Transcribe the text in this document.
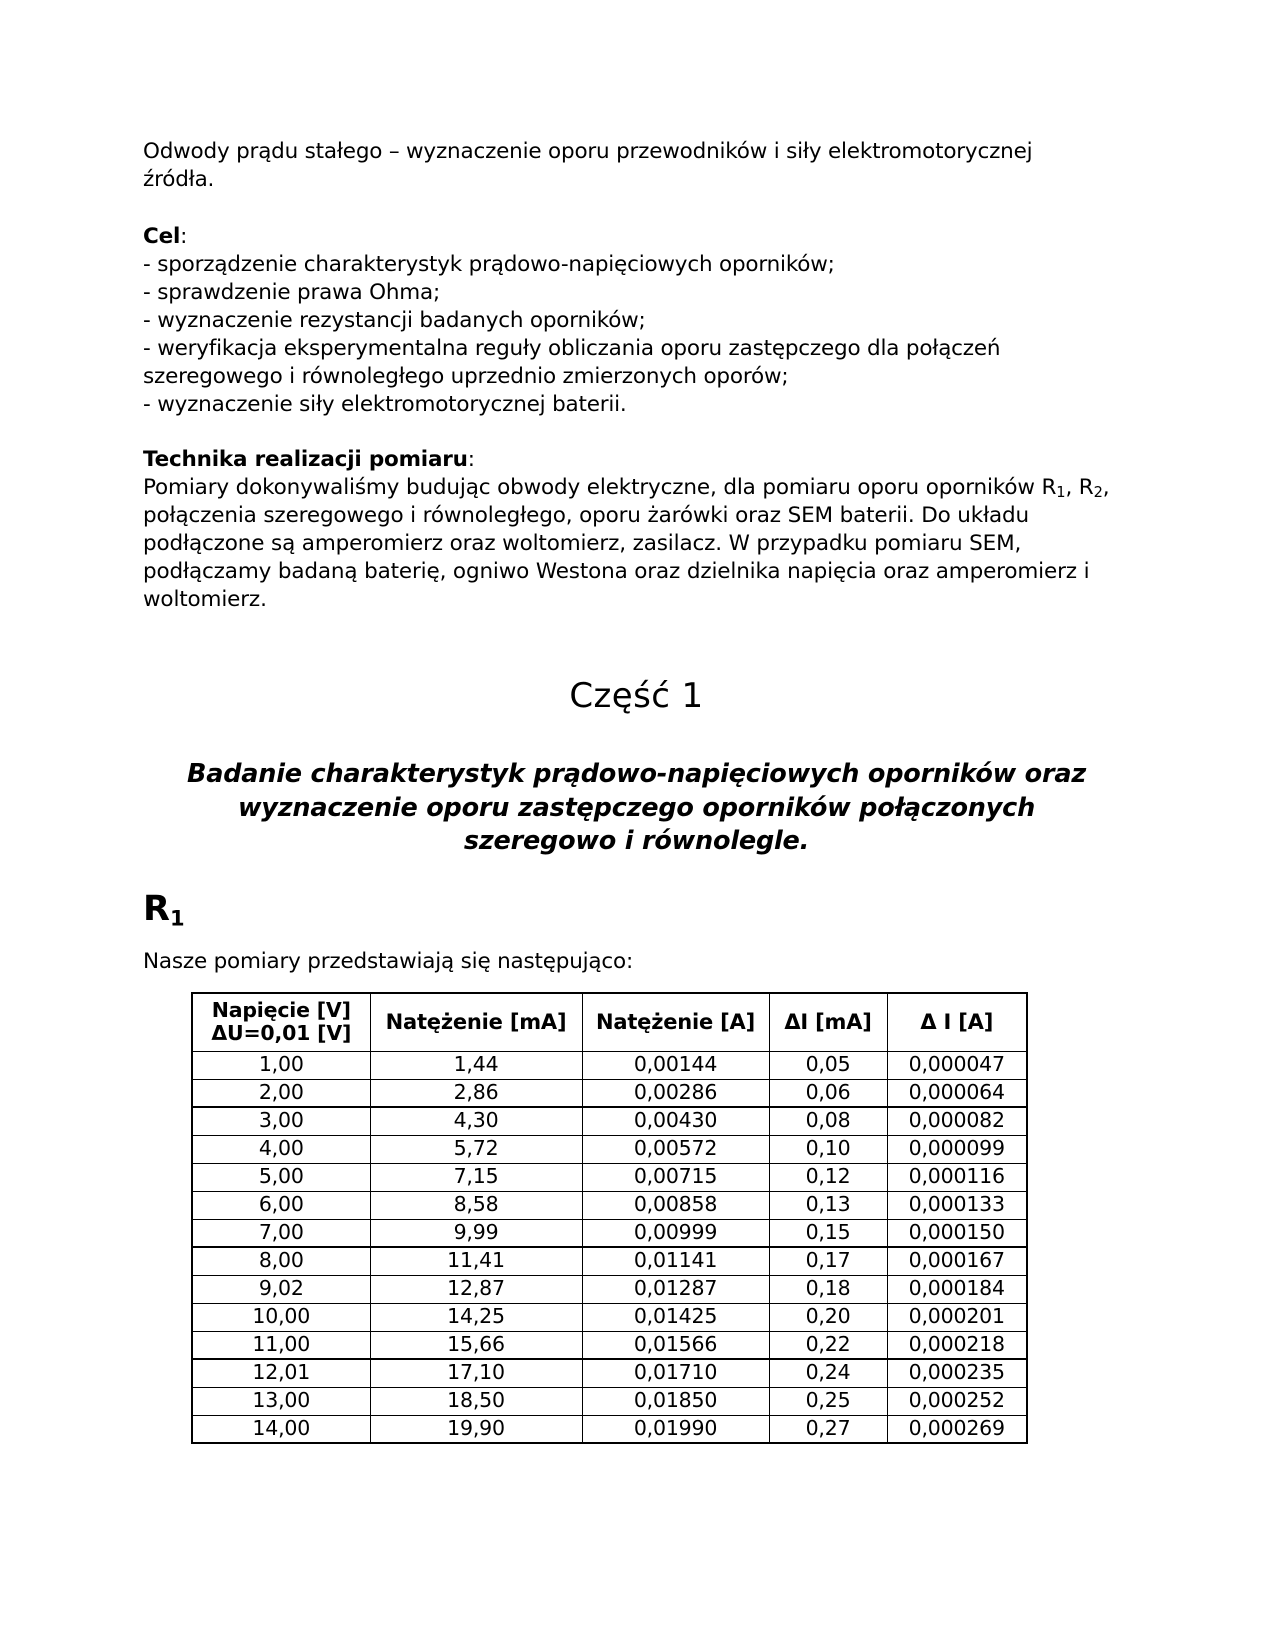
Odwody prądu stałego – wyznaczenie oporu przewodników i siły elektromotorycznej
źródła.
Cel:
- sporządzenie charakterystyk prądowo-napięciowych oporników;
- sprawdzenie prawa Ohma;
- wyznaczenie rezystancji badanych oporników;
- weryfikacja eksperymentalna reguły obliczania oporu zastępczego dla połączeń szeregowego i równoległego uprzednio zmierzonych oporów;
- wyznaczenie siły elektromotorycznej baterii.
Technika realizacji pomiaru:
Pomiary dokonywaliśmy budując obwody elektryczne, dla pomiaru oporu oporników $R_1$, $R_2$, połączenia szeregowego i równoległego, oporu żarówki oraz SEM baterii. Do układu podłączone są amperomierz oraz woltomierz, zasilacz. W przypadku pomiaru SEM, podłączamy badaną baterię, ogniwo Westona oraz dzielnika napięcia oraz amperomierz i woltomierz.
Część 1
Badanie charakterystyk prądowo-napięciowych oporników oraz
wyznaczenie oporu zastępczego oporników połączonych
szeregowo i równolegle.
$R_1$
Nasze pomiary przedstawiają się następująco:
Napięcie [V]
ΔU=0,01 [V]	Natężenie [mA]	Natężenie [A]	ΔI [mA]	Δ I [A]
1,00	1,44	0,00144	0,05	0,000047
2,00	2,86	0,00286	0,06	0,000064
3,00	4,30	0,00430	0,08	0,000082
4,00	5,72	0,00572	0,10	0,000099
5,00	7,15	0,00715	0,12	0,000116
6,00	8,58	0,00858	0,13	0,000133
7,00	9,99	0,00999	0,15	0,000150
8,00	11,41	0,01141	0,17	0,000167
9,02	12,87	0,01287	0,18	0,000184
10,00	14,25	0,01425	0,20	0,000201
11,00	15,66	0,01566	0,22	0,000218
12,01	17,10	0,01710	0,24	0,000235
13,00	18,50	0,01850	0,25	0,000252
14,00	19,90	0,01990	0,27	0,000269
